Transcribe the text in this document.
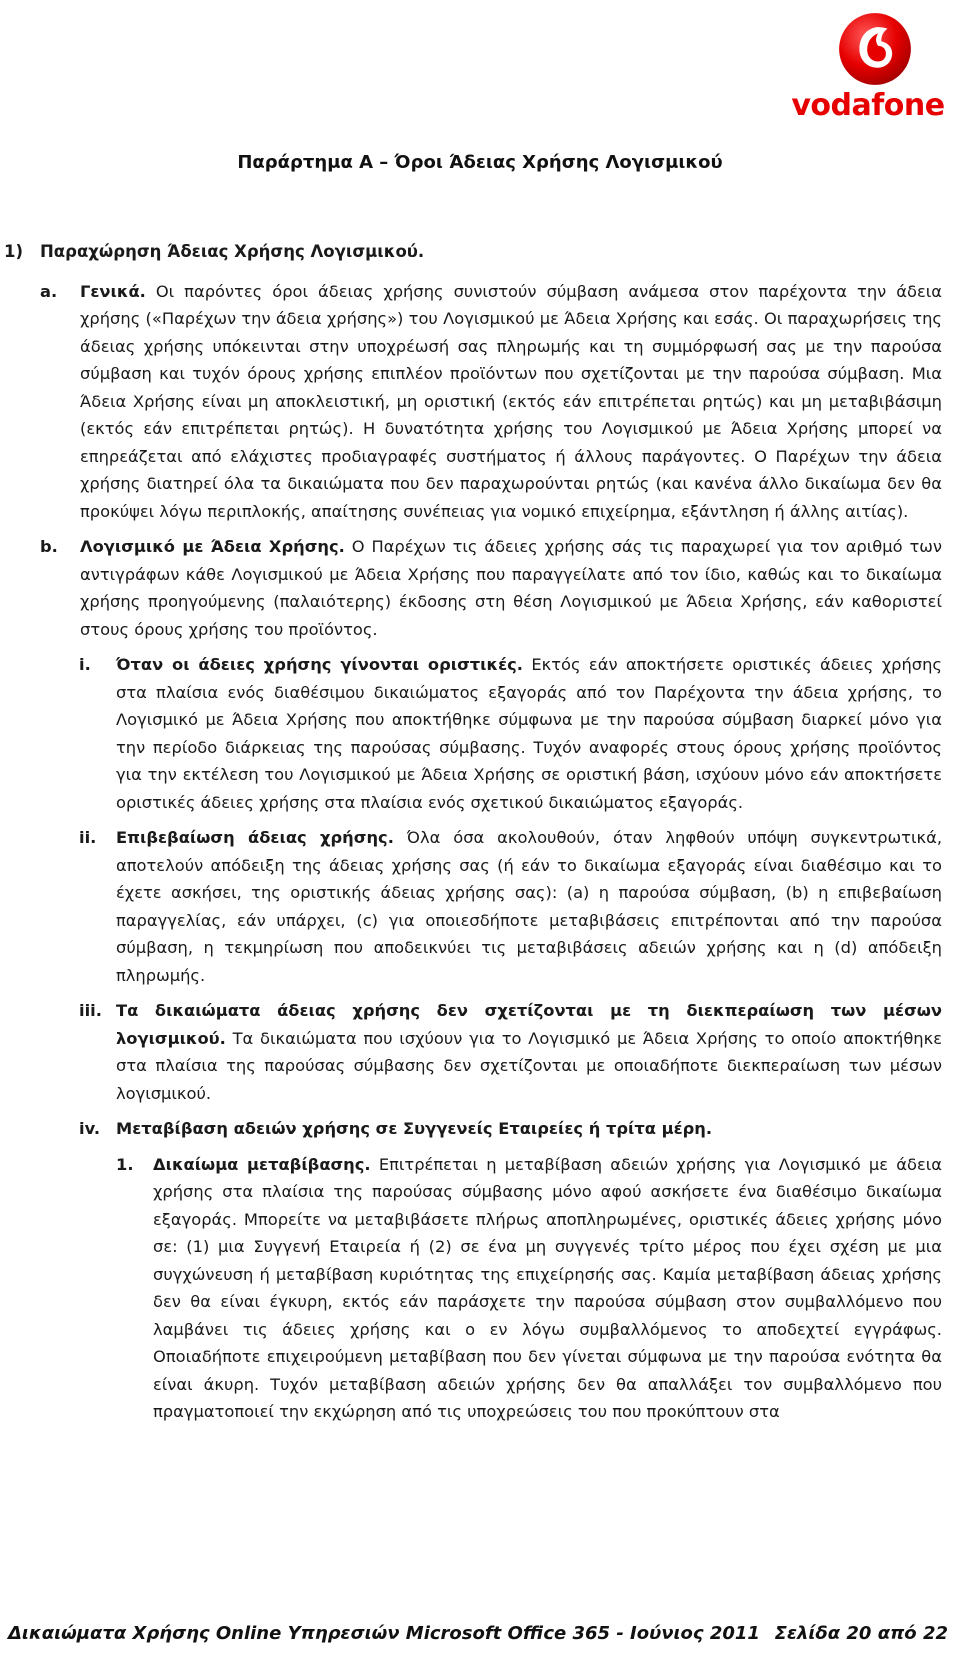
vodafone
Παράρτημα Α – Όροι Άδειας Χρήσης Λογισμικού
1) Παραχώρηση Άδειας Χρήσης Λογισμικού.
a. Γενικά. Οι παρόντες όροι άδειας χρήσης συνιστούν σύμβαση ανάμεσα στον παρέχοντα την άδεια χρήσης («Παρέχων την άδεια χρήσης») του Λογισμικού με Άδεια Χρήσης και εσάς. Οι παραχωρήσεις της άδειας χρήσης υπόκεινται στην υποχρέωσή σας πληρωμής και τη συμμόρφωσή σας με την παρούσα σύμβαση και τυχόν όρους χρήσης επιπλέον προϊόντων που σχετίζονται με την παρούσα σύμβαση. Μια Άδεια Χρήσης είναι μη αποκλειστική, μη οριστική (εκτός εάν επιτρέπεται ρητώς) και μη μεταβιβάσιμη (εκτός εάν επιτρέπεται ρητώς). Η δυνατότητα χρήσης του Λογισμικού με Άδεια Χρήσης μπορεί να επηρεάζεται από ελάχιστες προδιαγραφές συστήματος ή άλλους παράγοντες. Ο Παρέχων την άδεια χρήσης διατηρεί όλα τα δικαιώματα που δεν παραχωρούνται ρητώς (και κανένα άλλο δικαίωμα δεν θα προκύψει λόγω περιπλοκής, απαίτησης συνέπειας για νομικό επιχείρημα, εξάντληση ή άλλης αιτίας).
b. Λογισμικό με Άδεια Χρήσης. Ο Παρέχων τις άδειες χρήσης σάς τις παραχωρεί για τον αριθμό των αντιγράφων κάθε Λογισμικού με Άδεια Χρήσης που παραγγείλατε από τον ίδιο, καθώς και το δικαίωμα χρήσης προηγούμενης (παλαιότερης) έκδοσης στη θέση Λογισμικού με Άδεια Χρήσης, εάν καθοριστεί στους όρους χρήσης του προϊόντος.
i. Όταν οι άδειες χρήσης γίνονται οριστικές. Εκτός εάν αποκτήσετε οριστικές άδειες χρήσης στα πλαίσια ενός διαθέσιμου δικαιώματος εξαγοράς από τον Παρέχοντα την άδεια χρήσης, το Λογισμικό με Άδεια Χρήσης που αποκτήθηκε σύμφωνα με την παρούσα σύμβαση διαρκεί μόνο για την περίοδο διάρκειας της παρούσας σύμβασης. Τυχόν αναφορές στους όρους χρήσης προϊόντος για την εκτέλεση του Λογισμικού με Άδεια Χρήσης σε οριστική βάση, ισχύουν μόνο εάν αποκτήσετε οριστικές άδειες χρήσης στα πλαίσια ενός σχετικού δικαιώματος εξαγοράς.
ii. Επιβεβαίωση άδειας χρήσης. Όλα όσα ακολουθούν, όταν ληφθούν υπόψη συγκεντρωτικά, αποτελούν απόδειξη της άδειας χρήσης σας (ή εάν το δικαίωμα εξαγοράς είναι διαθέσιμο και το έχετε ασκήσει, της οριστικής άδειας χρήσης σας): (a) η παρούσα σύμβαση, (b) η επιβεβαίωση παραγγελίας, εάν υπάρχει, (c) για οποιεσδήποτε μεταβιβάσεις επιτρέπονται από την παρούσα σύμβαση, η τεκμηρίωση που αποδεικνύει τις μεταβιβάσεις αδειών χρήσης και η (d) απόδειξη πληρωμής.
iii. Τα δικαιώματα άδειας χρήσης δεν σχετίζονται με τη διεκπεραίωση των μέσων λογισμικού. Τα δικαιώματα που ισχύουν για το Λογισμικό με Άδεια Χρήσης το οποίο αποκτήθηκε στα πλαίσια της παρούσας σύμβασης δεν σχετίζονται με οποιαδήποτε διεκπεραίωση των μέσων λογισμικού.
iv. Μεταβίβαση αδειών χρήσης σε Συγγενείς Εταιρείες ή τρίτα μέρη.
1. Δικαίωμα μεταβίβασης. Επιτρέπεται η μεταβίβαση αδειών χρήσης για Λογισμικό με άδεια χρήσης στα πλαίσια της παρούσας σύμβασης μόνο αφού ασκήσετε ένα διαθέσιμο δικαίωμα εξαγοράς. Μπορείτε να μεταβιβάσετε πλήρως αποπληρωμένες, οριστικές άδειες χρήσης μόνο σε: (1) μια Συγγενή Εταιρεία ή (2) σε ένα μη συγγενές τρίτο μέρος που έχει σχέση με μια συγχώνευση ή μεταβίβαση κυριότητας της επιχείρησής σας. Καμία μεταβίβαση άδειας χρήσης δεν θα είναι έγκυρη, εκτός εάν παράσχετε την παρούσα σύμβαση στον συμβαλλόμενο που λαμβάνει τις άδειες χρήσης και ο εν λόγω συμβαλλόμενος το αποδεχτεί εγγράφως. Οποιαδήποτε επιχειρούμενη μεταβίβαση που δεν γίνεται σύμφωνα με την παρούσα ενότητα θα είναι άκυρη. Τυχόν μεταβίβαση αδειών χρήσης δεν θα απαλλάξει τον συμβαλλόμενο που πραγματοποιεί την εκχώρηση από τις υποχρεώσεις του που προκύπτουν στα
Δικαιώματα Χρήσης Online Υπηρεσιών Microsoft Office 365 - Ιούνιος 2011 Σελίδα 20 από 22
